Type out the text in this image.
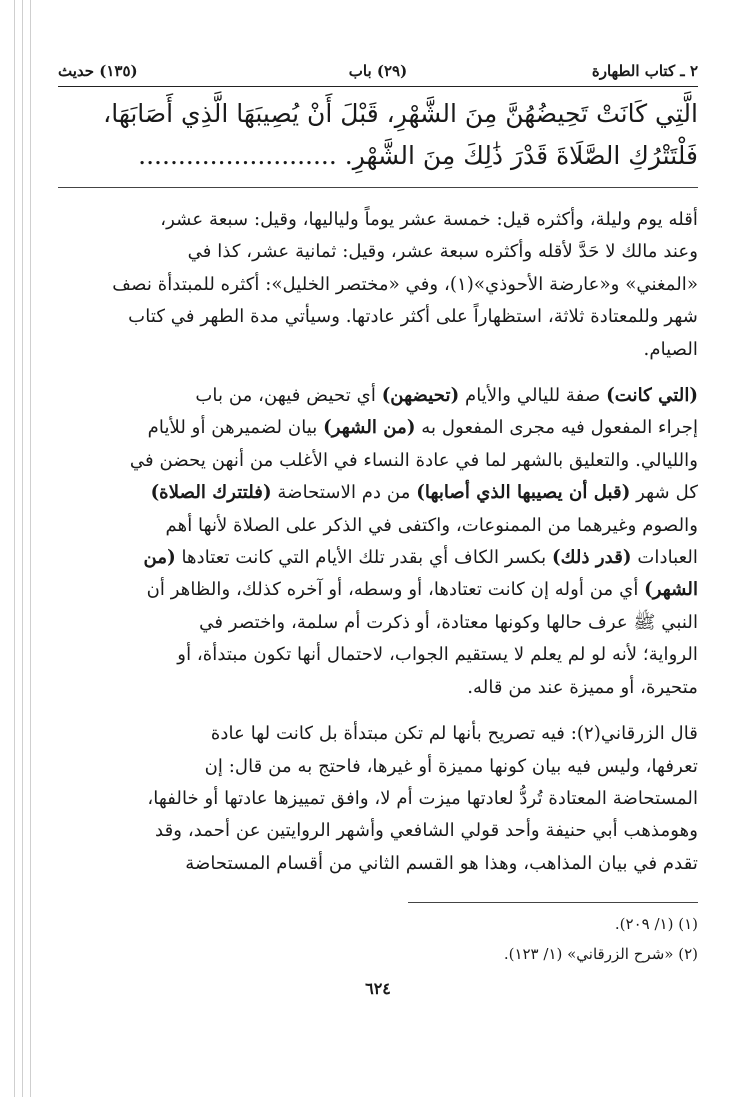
٢ ـ كتاب الطهارة
(٢٩) باب
(١٣٥) حديث
الَّتِي كَانَتْ تَحِيضُهُنَّ مِنَ الشَّهْرِ، قَبْلَ أَنْ يُصِيبَهَا الَّذِي أَصَابَهَا،
فَلْتَتْرُكِ الصَّلَاةَ قَدْرَ ذَٰلِكَ مِنَ الشَّهْرِ. .........................

أقله يوم وليلة، وأكثره قيل: خمسة عشر يوماً ولياليها، وقيل: سبعة عشر،
وعند مالك لا حَدَّ لأقله وأكثره سبعة عشر، وقيل: ثمانية عشر، كذا في
«المغني» و«عارضة الأحوذي»(١)، وفي «مختصر الخليل»: أكثره للمبتدأة نصف
شهر وللمعتادة ثلاثة، استظهاراً على أكثر عادتها. وسيأتي مدة الطهر في كتاب
الصيام.

(التي كانت) صفة لليالي والأيام (تحيضهن) أي تحيض فيهن، من باب
إجراء المفعول فيه مجرى المفعول به (من الشهر) بيان لضميرهن أو للأيام
والليالي. والتعليق بالشهر لما في عادة النساء في الأغلب من أنهن يحضن في
كل شهر (قبل أن يصيبها الذي أصابها) من دم الاستحاضة (فلتترك الصلاة)
والصوم وغيرهما من الممنوعات، واكتفى في الذكر على الصلاة لأنها أهم
العبادات (قدر ذلك) بكسر الكاف أي بقدر تلك الأيام التي كانت تعتادها (من
الشهر) أي من أوله إن كانت تعتادها، أو وسطه، أو آخره كذلك، والظاهر أن
النبي ﷺ عرف حالها وكونها معتادة، أو ذكرت أم سلمة، واختصر في
الرواية؛ لأنه لو لم يعلم لا يستقيم الجواب، لاحتمال أنها تكون مبتدأة، أو
متحيرة، أو مميزة عند من قاله.

قال الزرقاني(٢): فيه تصريح بأنها لم تكن مبتدأة بل كانت لها عادة
تعرفها، وليس فيه بيان كونها مميزة أو غيرها، فاحتج به من قال: إن
المستحاضة المعتادة تُردُّ لعادتها ميزت أم لا، وافق تمييزها عادتها أو خالفها،
وهومذهب أبي حنيفة وأحد قولي الشافعي وأشهر الروايتين عن أحمد، وقد
تقدم في بيان المذاهب، وهذا هو القسم الثاني من أقسام المستحاضة

(١) (١/ ٢٠٩).
(٢) «شرح الزرقاني» (١/ ١٢٣).
٦٢٤
